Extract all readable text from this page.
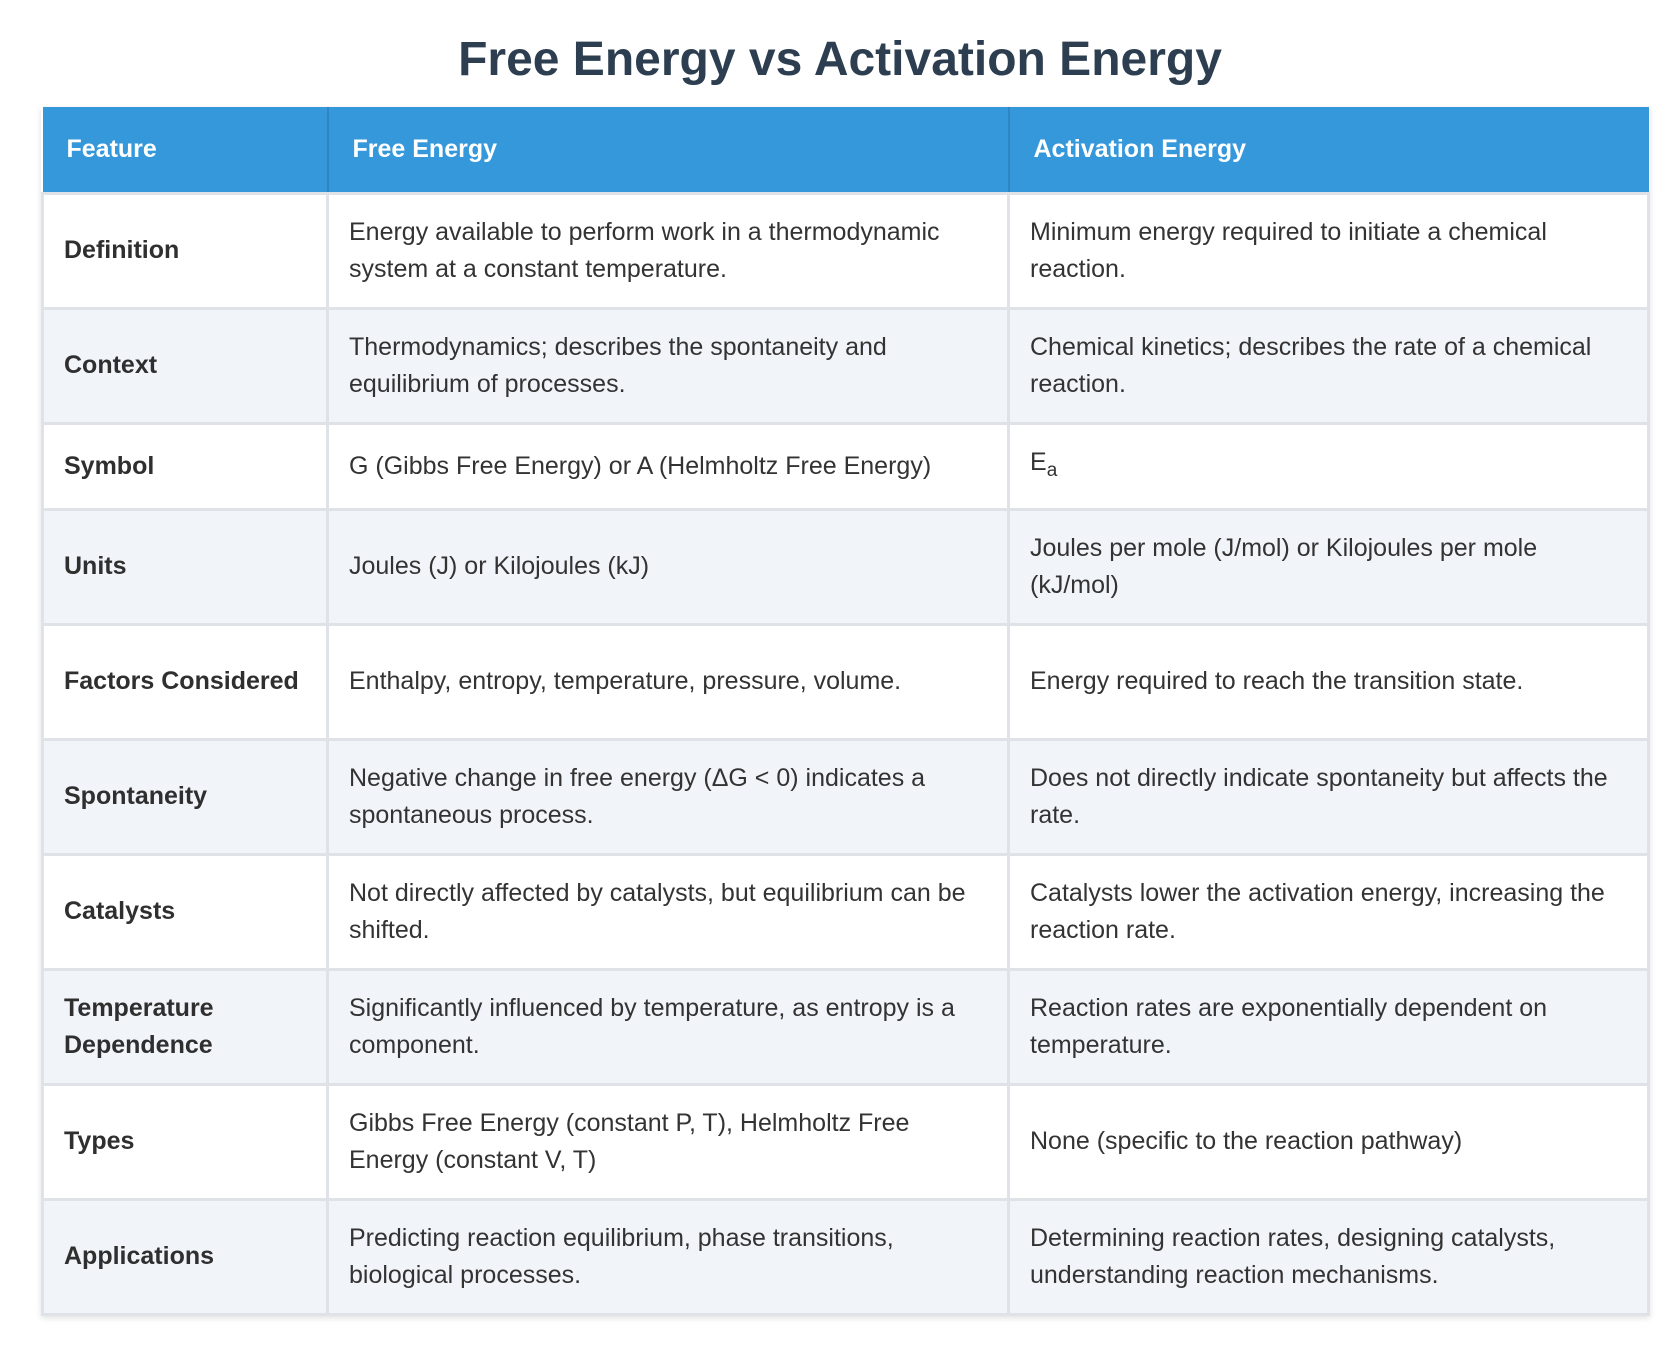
Free Energy vs Activation Energy
Feature	Free Energy	Activation Energy
Definition	Energy available to perform work in a thermodynamic system at a constant temperature.	Minimum energy required to initiate a chemical reaction.
Context	Thermodynamics; describes the spontaneity and equilibrium of processes.	Chemical kinetics; describes the rate of a chemical reaction.
Symbol	G (Gibbs Free Energy) or A (Helmholtz Free Energy)	$E_a$
Units	Joules (J) or Kilojoules (kJ)	Joules per mole (J/mol) or Kilojoules per mole (kJ/mol)
Factors Considered	Enthalpy, entropy, temperature, pressure, volume.	Energy required to reach the transition state.
Spontaneity	Negative change in free energy (ΔG < 0) indicates a spontaneous process.	Does not directly indicate spontaneity but affects the rate.
Catalysts	Not directly affected by catalysts, but equilibrium can be shifted.	Catalysts lower the activation energy, increasing the reaction rate.
Temperature Dependence	Significantly influenced by temperature, as entropy is a component.	Reaction rates are exponentially dependent on temperature.
Types	Gibbs Free Energy (constant P, T), Helmholtz Free Energy (constant V, T)	None (specific to the reaction pathway)
Applications	Predicting reaction equilibrium, phase transitions, biological processes.	Determining reaction rates, designing catalysts, understanding reaction mechanisms.
